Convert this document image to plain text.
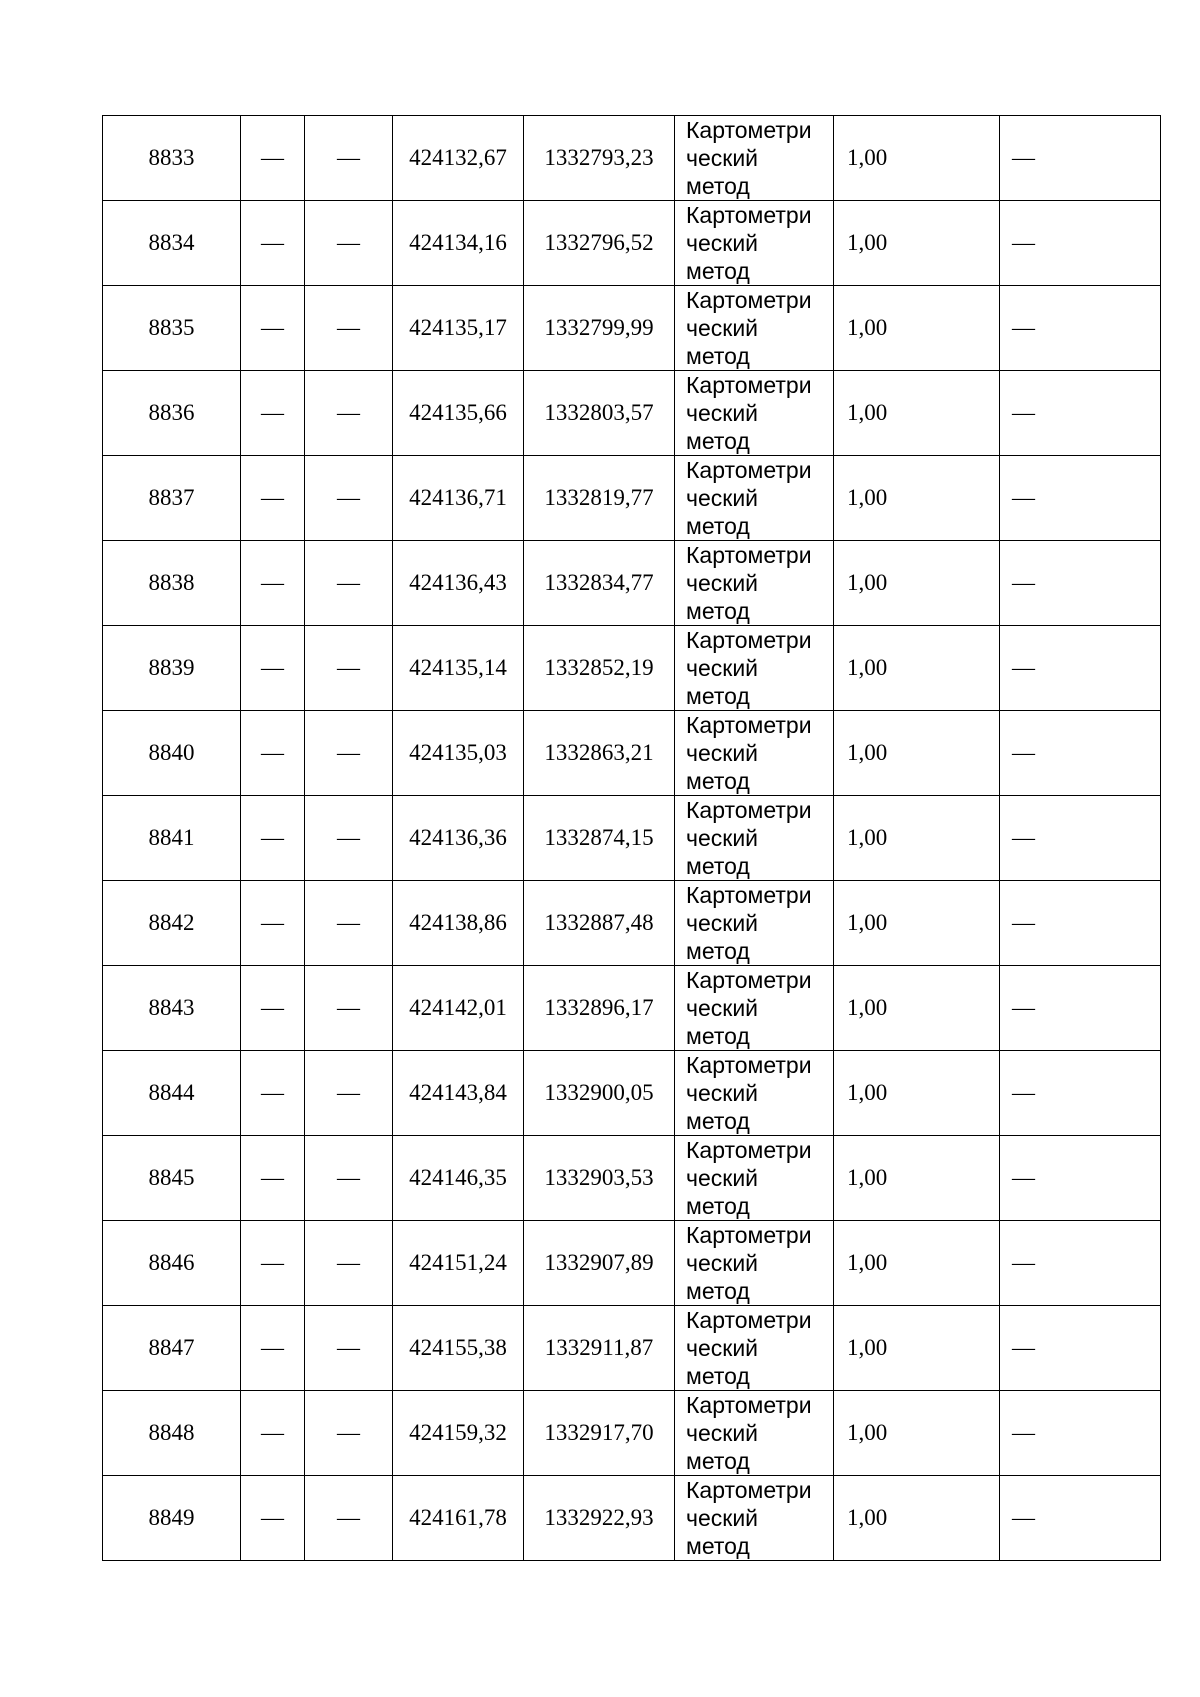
8833	—	—	424132,67	1332793,23	Картометри
ческий
метод	1,00	—
8834	—	—	424134,16	1332796,52	Картометри
ческий
метод	1,00	—
8835	—	—	424135,17	1332799,99	Картометри
ческий
метод	1,00	—
8836	—	—	424135,66	1332803,57	Картометри
ческий
метод	1,00	—
8837	—	—	424136,71	1332819,77	Картометри
ческий
метод	1,00	—
8838	—	—	424136,43	1332834,77	Картометри
ческий
метод	1,00	—
8839	—	—	424135,14	1332852,19	Картометри
ческий
метод	1,00	—
8840	—	—	424135,03	1332863,21	Картометри
ческий
метод	1,00	—
8841	—	—	424136,36	1332874,15	Картометри
ческий
метод	1,00	—
8842	—	—	424138,86	1332887,48	Картометри
ческий
метод	1,00	—
8843	—	—	424142,01	1332896,17	Картометри
ческий
метод	1,00	—
8844	—	—	424143,84	1332900,05	Картометри
ческий
метод	1,00	—
8845	—	—	424146,35	1332903,53	Картометри
ческий
метод	1,00	—
8846	—	—	424151,24	1332907,89	Картометри
ческий
метод	1,00	—
8847	—	—	424155,38	1332911,87	Картометри
ческий
метод	1,00	—
8848	—	—	424159,32	1332917,70	Картометри
ческий
метод	1,00	—
8849	—	—	424161,78	1332922,93	Картометри
ческий
метод	1,00	—
